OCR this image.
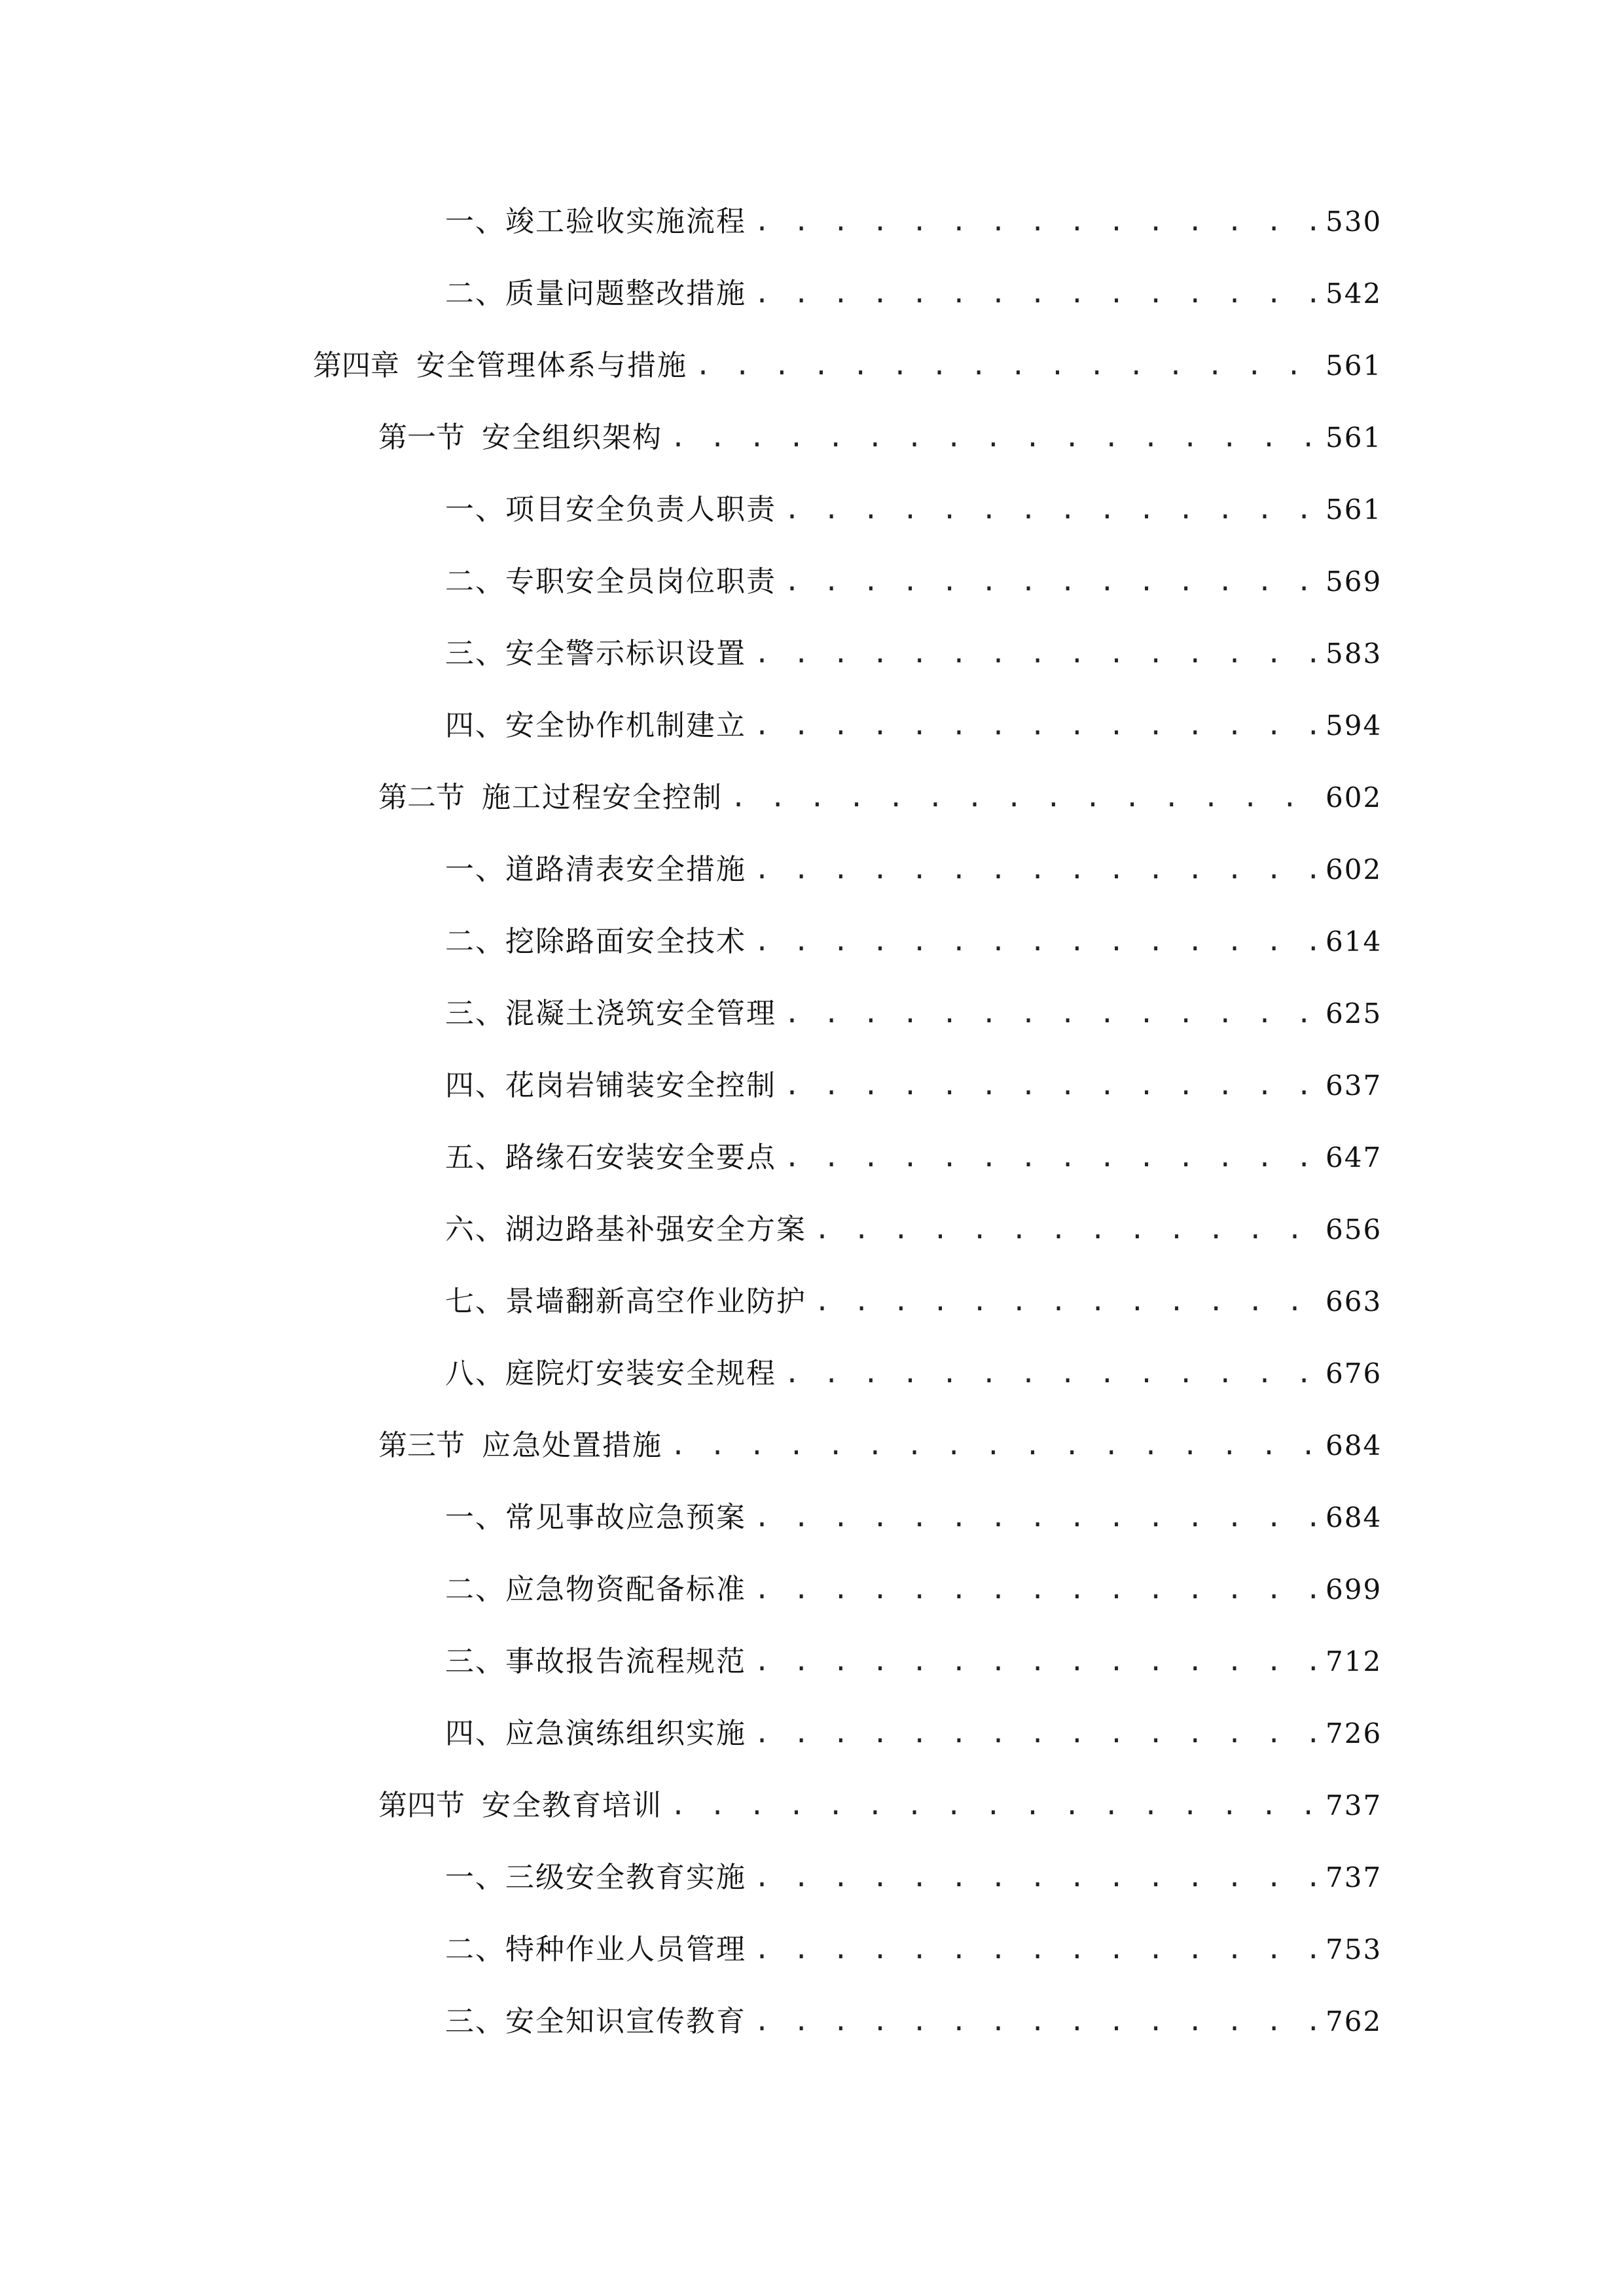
一、 竣工验收实施流程 . . .	530
二、 质量问题整改措施 . . .	542
第四章 安全管理体系与措施 . . .	561
第一节 安全组织架构 . . .	561
一、 项目安全负责人职责 . . .	561
二、 专职安全员岗位职责 . . .	569
三、 安全警示标识设置 . . .	583
四、 安全协作机制建立 . . .	594
第二节 施工过程安全控制 . . .	602
一、 道路清表安全措施 . . .	602
二、 挖除路面安全技术 . . .	614
三、 混凝土浇筑安全管理 . . .	625
四、 花岗岩铺装安全控制 . . .	637
五、 路缘石安装安全要点 . . .	647
六、 湖边路基补强安全方案 . . .	656
七、 景墙翻新高空作业防护 . . .	663
八、 庭院灯安装安全规程 . . .	676
第三节 应急处置措施 . . .	684
一、 常见事故应急预案 . . .	684
二、 应急物资配备标准 . . .	699
三、 事故报告流程规范 . . .	712
四、 应急演练组织实施 . . .	726
第四节 安全教育培训 . . .	737
一、 三级安全教育实施 . . .	737
二、 特种作业人员管理 . . .	753
三、 安全知识宣传教育 . . .	762
